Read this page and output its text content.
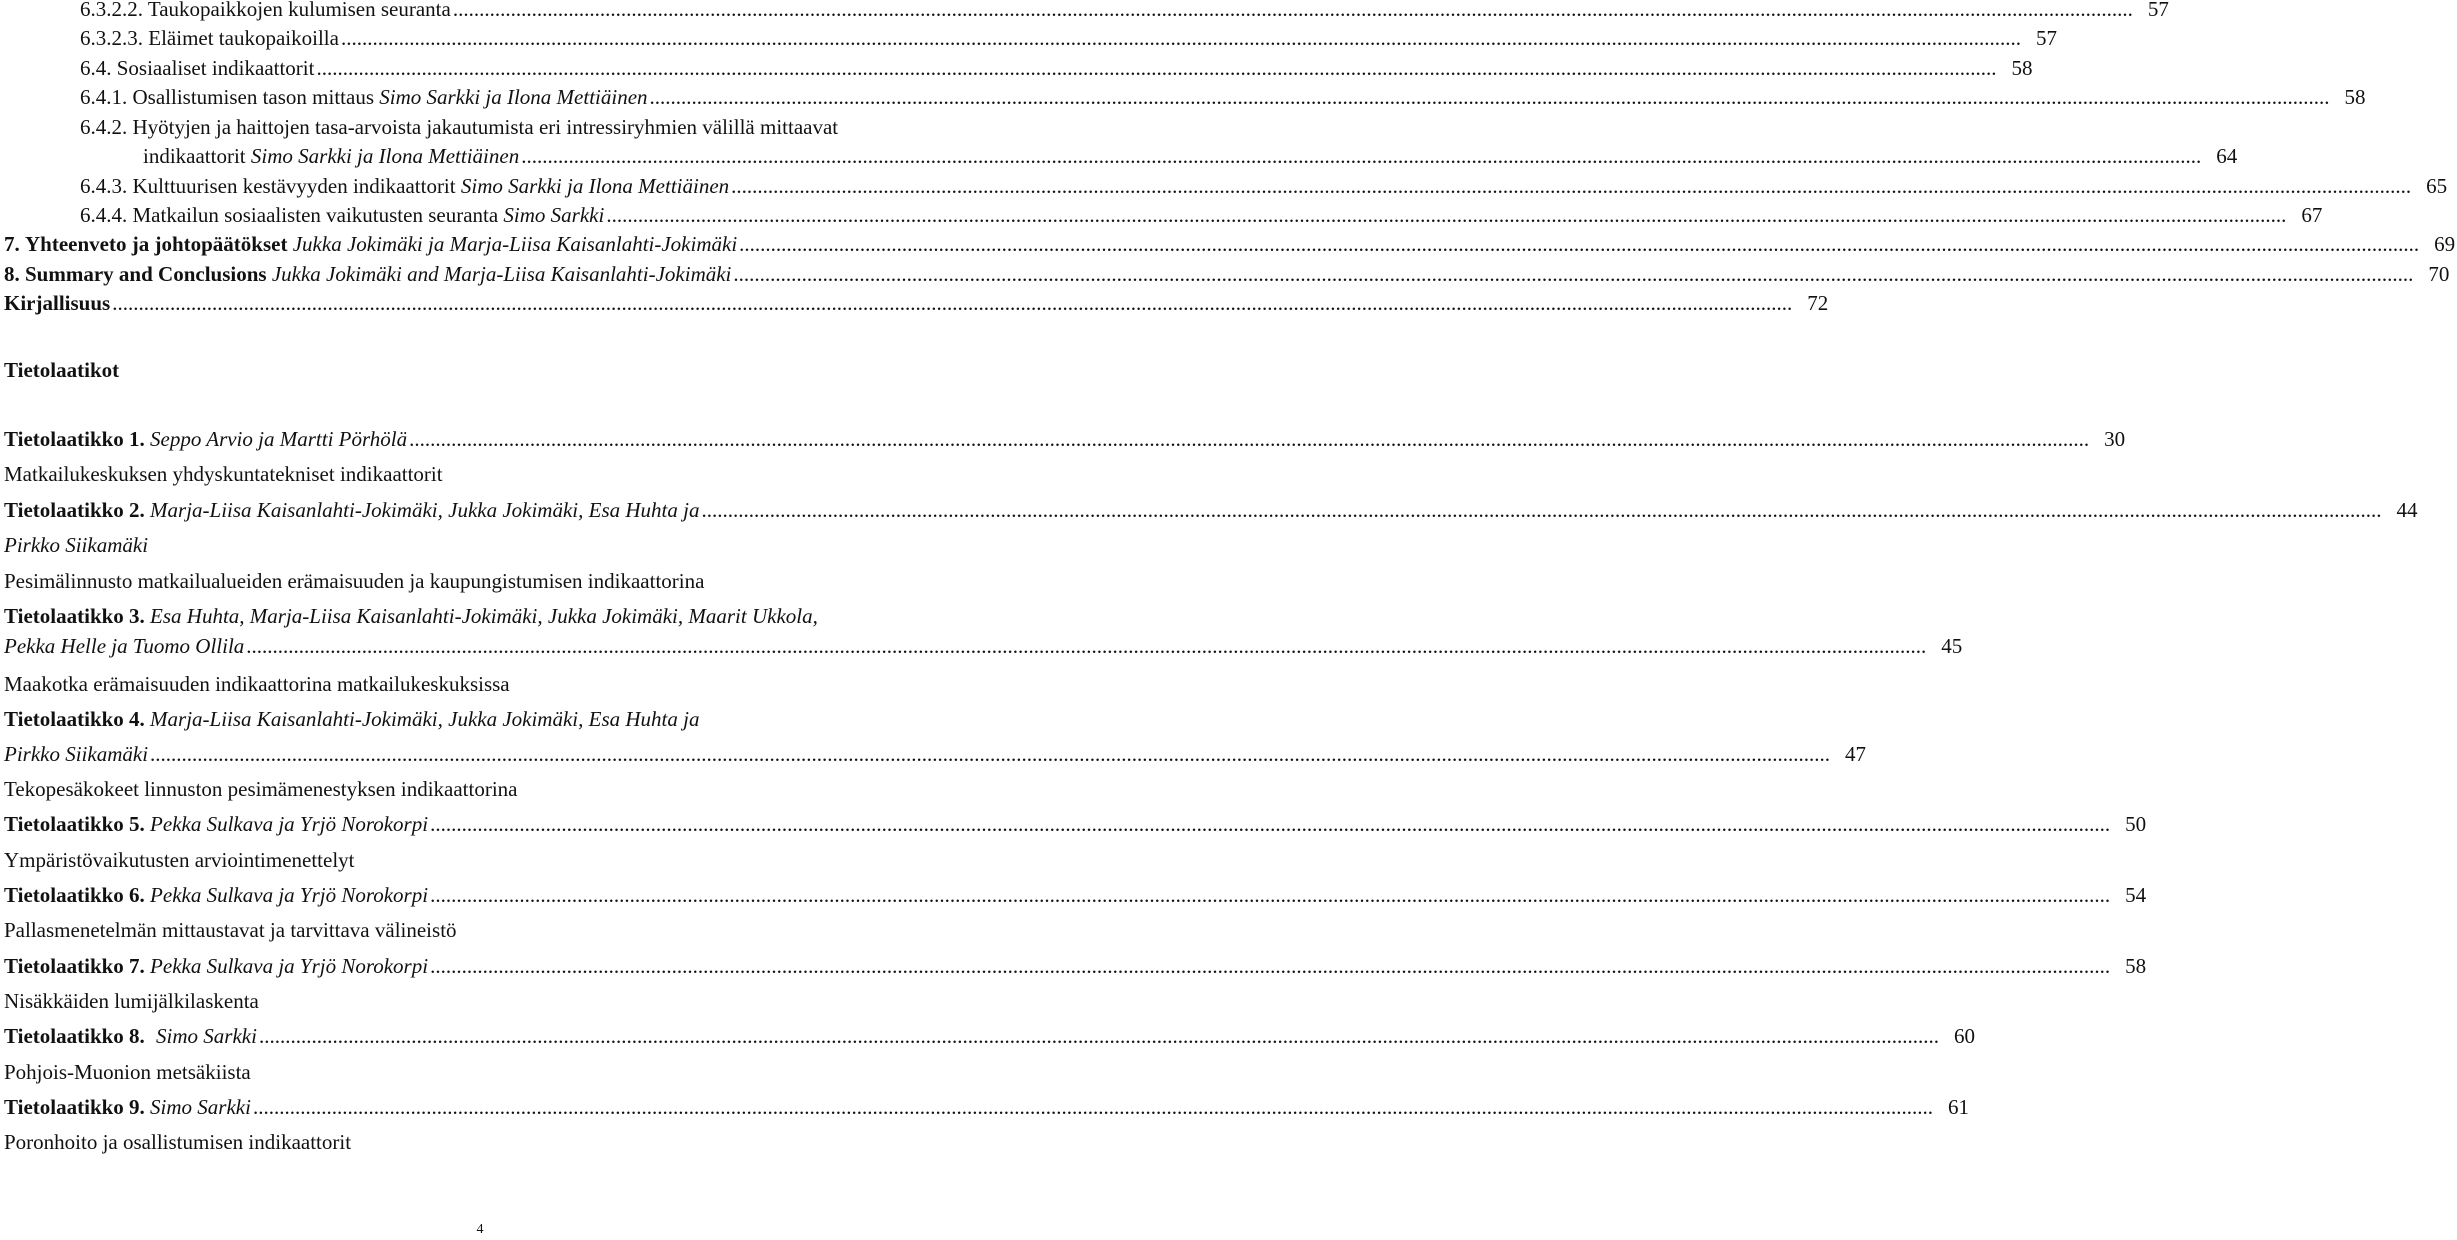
6.3.2.2. Taukopaikkojen kulumisen seuranta .....	57
6.3.2.3. Eläimet taukopaikoilla .....	57
6.4. Sosiaaliset indikaattorit .....	58
6.4.1. Osallistumisen tason mittaus Simo Sarkki ja Ilona Mettiäinen .....	58
6.4.2. Hyötyjen ja haittojen tasa-arvoista jakautumista eri intressiryhmien välillä mittaavat
indikaattorit Simo Sarkki ja Ilona Mettiäinen .....	64
6.4.3. Kulttuurisen kestävyyden indikaattorit Simo Sarkki ja Ilona Mettiäinen .....	65
6.4.4. Matkailun sosiaalisten vaikutusten seuranta Simo Sarkki .....	67
7. Yhteenveto ja johtopäätökset Jukka Jokimäki ja Marja-Liisa Kaisanlahti-Jokimäki .....	69
8. Summary and Conclusions Jukka Jokimäki and Marja-Liisa Kaisanlahti-Jokimäki .....	70
Kirjallisuus .....	72
Tietolaatikot
Tietolaatikko 1. Seppo Arvio ja Martti Pörhölä .....	30
Matkailukeskuksen yhdyskuntatekniset indikaattorit
Tietolaatikko 2. Marja-Liisa Kaisanlahti-Jokimäki, Jukka Jokimäki, Esa Huhta ja .....	44
Pirkko Siikamäki
Pesimälinnusto matkailualueiden erämaisuuden ja kaupungistumisen indikaattorina
Tietolaatikko 3. Esa Huhta, Marja-Liisa Kaisanlahti-Jokimäki, Jukka Jokimäki, Maarit Ukkola,
Pekka Helle ja Tuomo Ollila .....	45
Maakotka erämaisuuden indikaattorina matkailukeskuksissa
Tietolaatikko 4. Marja-Liisa Kaisanlahti-Jokimäki, Jukka Jokimäki, Esa Huhta ja
Pirkko Siikamäki .....	47
Tekopesäkokeet linnuston pesimämenestyksen indikaattorina
Tietolaatikko 5. Pekka Sulkava ja Yrjö Norokorpi .....	50
Ympäristövaikutusten arviointimenettelyt
Tietolaatikko 6. Pekka Sulkava ja Yrjö Norokorpi .....	54
Pallasmenetelmän mittaustavat ja tarvittava välineistö
Tietolaatikko 7. Pekka Sulkava ja Yrjö Norokorpi .....	58
Nisäkkäiden lumijälkilaskenta
Tietolaatikko 8. Simo Sarkki .....	60
Pohjois-Muonion metsäkiista
Tietolaatikko 9. Simo Sarkki .....	61
Poronhoito ja osallistumisen indikaattorit
4
